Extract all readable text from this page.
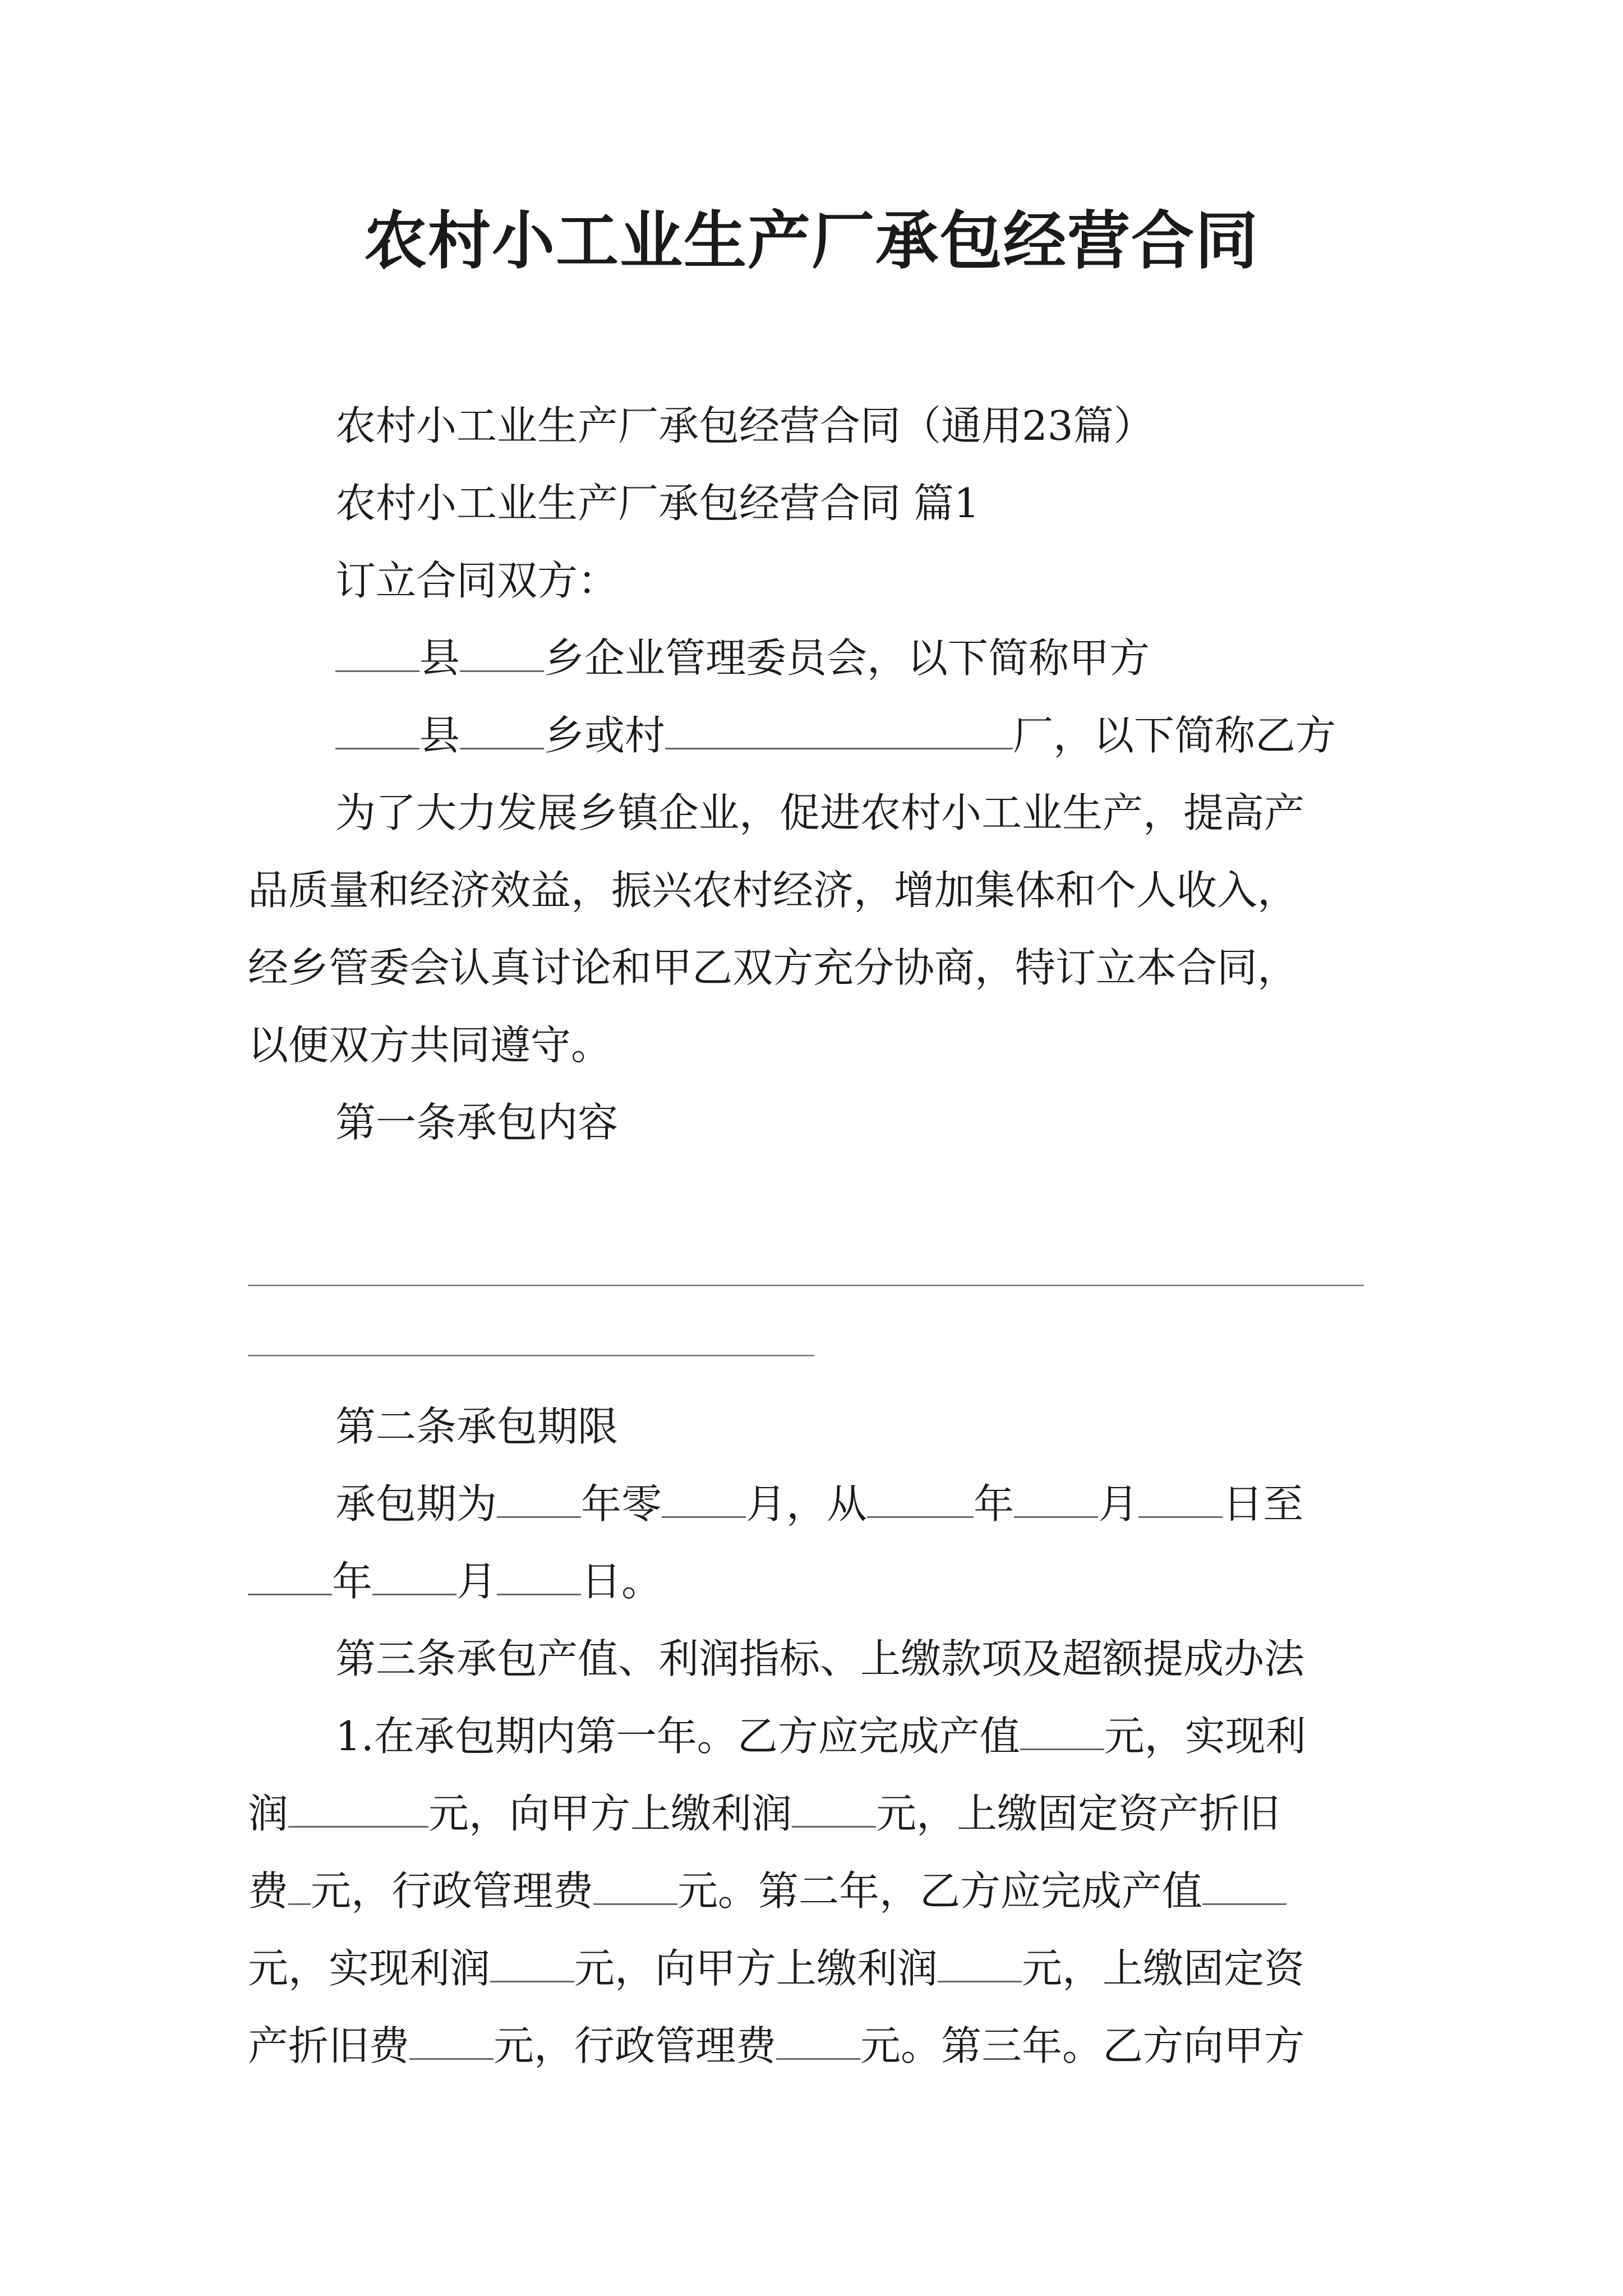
农村小工业生产厂承包经营合同
农村小工业生产厂承包经营合同（通用23篇）
农村小工业生产厂承包经营合同 篇1
订立合同双方：
县 乡企业管理委员会，以下简称甲方
县 乡或村	厂，以下简称乙方
为了大力发展乡镇企业，促进农村小工业生产，提高产
品质量和经济效益，振兴农村经济，增加集体和个人收入，
经乡管委会认真讨论和甲乙双方充分协商，特订立本合同，
以便双方共同遵守。
第一条承包内容
第二条承包期限
承包期为 年零 月，从	年 月 日至
年 月 日。
第三条承包产值、利润指标、上缴款项及超额提成办法
1.在承包期内第一年。乙方应完成产值 元，实现利
润	元，向甲方上缴利润 元，上缴固定资产折旧
费 元，行政管理费 元。第二年，乙方应完成产值
元，实现利润 元，向甲方上缴利润 元，上缴固定资
产折旧费 元，行政管理费 元。第三年。乙方向甲方
